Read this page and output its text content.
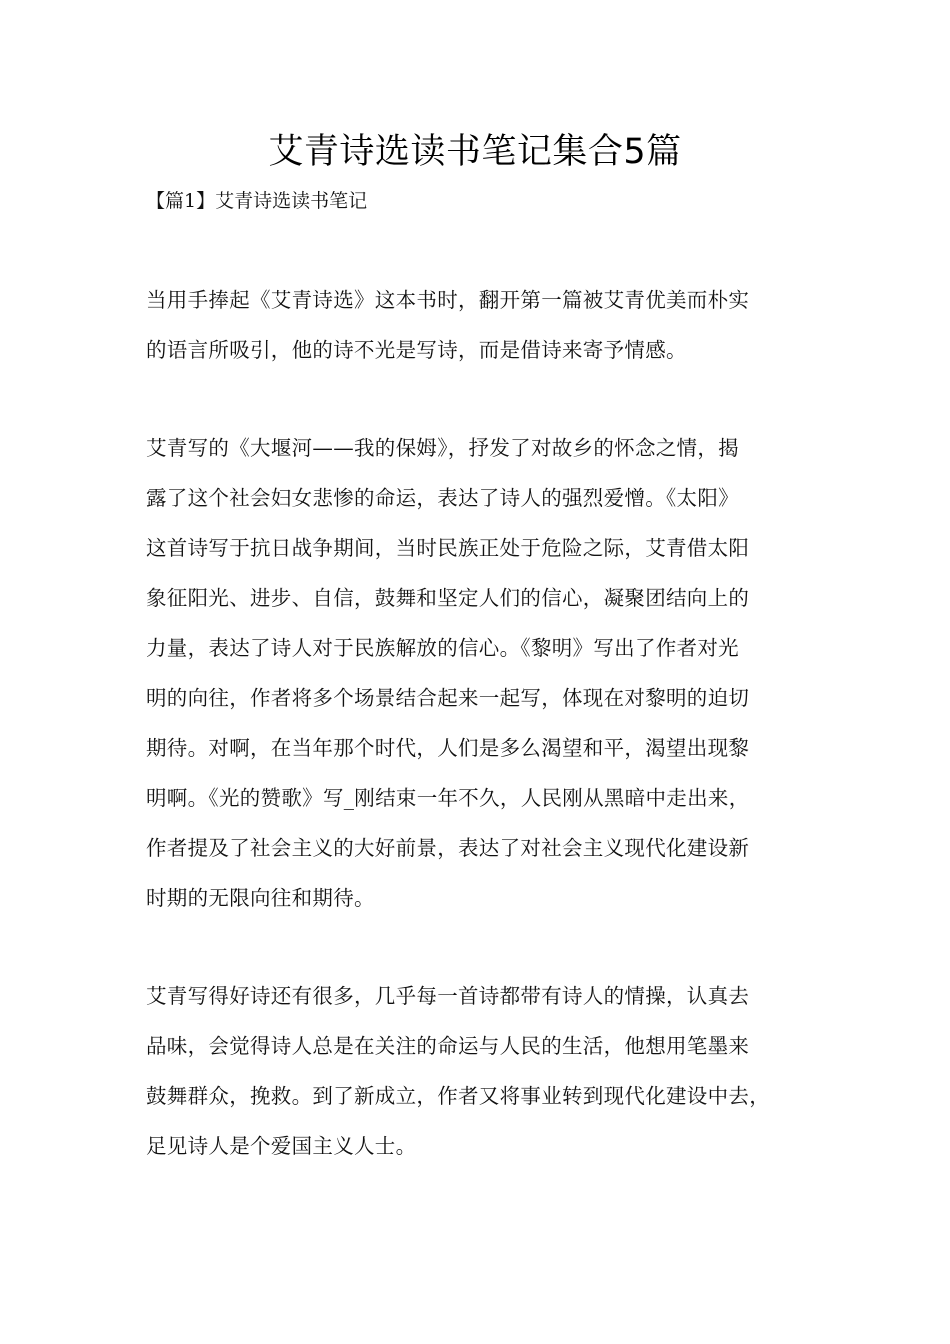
艾青诗选读书笔记集合5篇
【篇1】艾青诗选读书笔记
当用手捧起《艾青诗选》这本书时，翻开第一篇被艾青优美而朴实
的语言所吸引，他的诗不光是写诗，而是借诗来寄予情感。
艾青写的《大堰河——我的保姆》，抒发了对故乡的怀念之情，揭
露了这个社会妇女悲惨的命运，表达了诗人的强烈爱憎。《太阳》
这首诗写于抗日战争期间，当时民族正处于危险之际，艾青借太阳
象征阳光、进步、自信，鼓舞和坚定人们的信心，凝聚团结向上的
力量，表达了诗人对于民族解放的信心。《黎明》写出了作者对光
明的向往，作者将多个场景结合起来一起写，体现在对黎明的迫切
期待。对啊，在当年那个时代，人们是多么渴望和平，渴望出现黎
明啊。《光的赞歌》写_刚结束一年不久，人民刚从黑暗中走出来，
作者提及了社会主义的大好前景，表达了对社会主义现代化建设新
时期的无限向往和期待。
艾青写得好诗还有很多，几乎每一首诗都带有诗人的情操，认真去
品味，会觉得诗人总是在关注的命运与人民的生活，他想用笔墨来
鼓舞群众，挽救。到了新成立，作者又将事业转到现代化建设中去，
足见诗人是个爱国主义人士。
